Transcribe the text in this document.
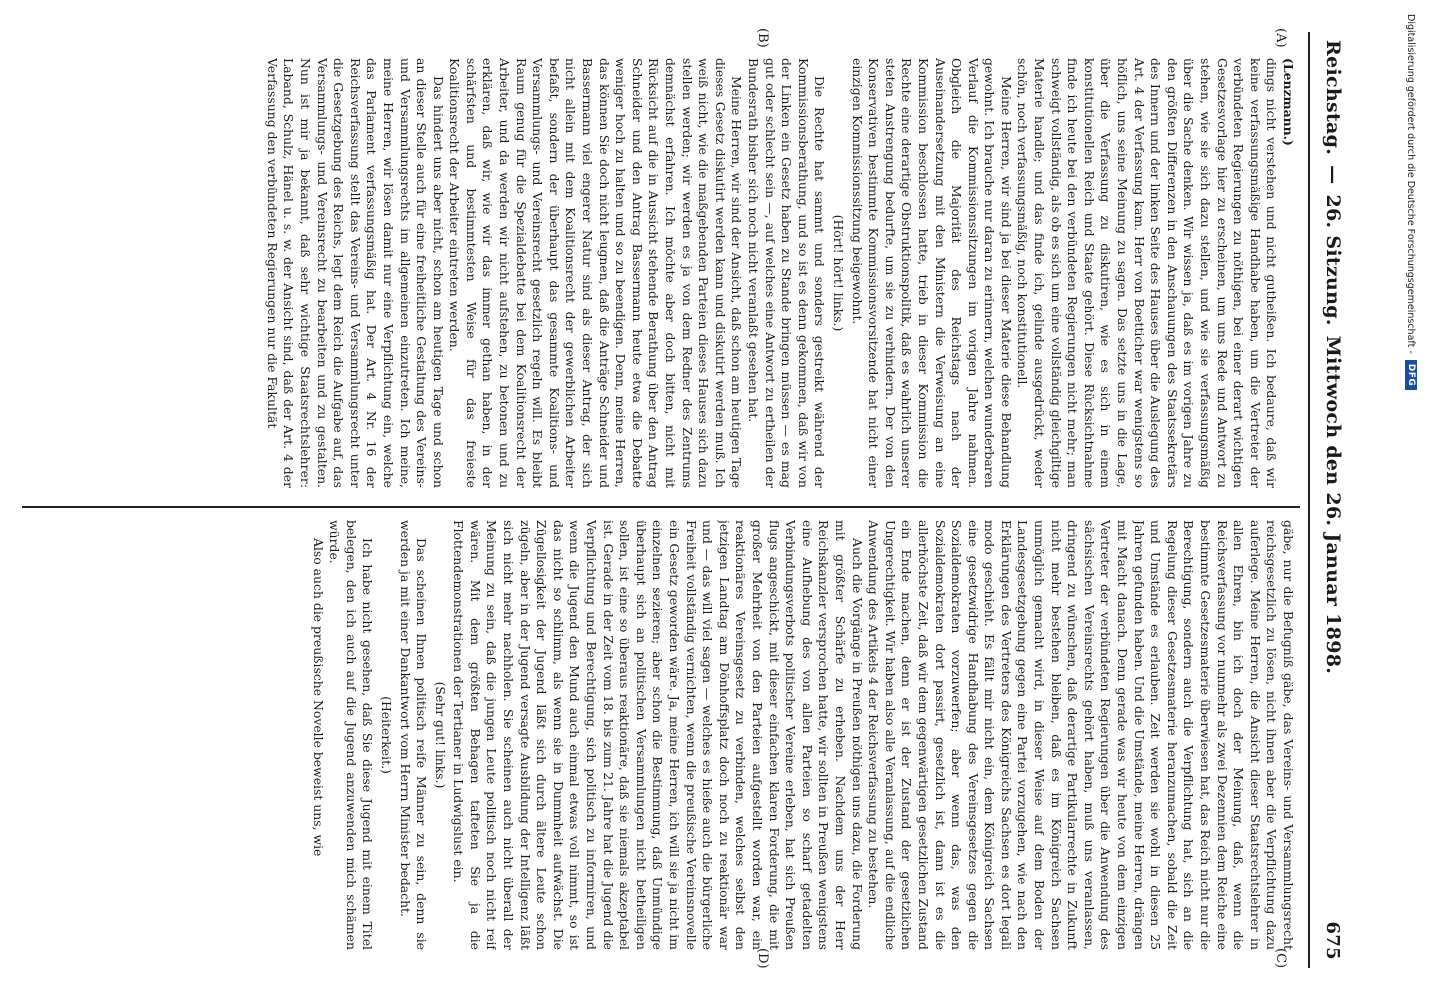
Reichstag.
—
26. Sitzung.
Mittwoch den 26. Januar 1898.
675
(A)
(B)
(C)
(D)

(Lenzmann.)

dings nicht verstehen und nicht gutheißen. Ich bedaure, daß wir keine verfassungsmäßige Handhabe haben, um die Vertreter der verbündeten Regierungen zu nöthigen, bei einer derart wichtigen Gesetzesvorlage hier zu erscheinen, um uns Rede und Antwort zu stehen, wie sie sich dazu stellen, und wie sie verfassungsmäßig über die Sache denken. Wir wissen ja, daß es im vorigen Jahre zu den größten Differenzen in den Anschauungen des Staatssekretärs des Innern und der linken Seite des Hauses über die Auslegung des Art. 4 der Verfassung kam. Herr von Boetticher war wenigstens so höflich, uns seine Meinung zu sagen. Das setzte uns in die Lage, über die Verfassung zu diskutiren, wie es sich in einem konstitutionellen Reich und Staate gehört. Diese Rücksichtnahme finde ich heute bei den verbündeten Regierungen nicht mehr; man schweigt vollständig, als ob es sich um eine vollständig gleichgiltige Materie handle; und das finde ich, gelinde ausgedrückt, weder schön, noch verfassungsmäßig, noch konstitutionell.

Meine Herren, wir sind ja bei dieser Materie diese Behandlung gewohnt. Ich brauche nur daran zu erinnern, welchen wunderbaren Verlauf die Kommissionssitzungen im vorigen Jahre nahmen. Obgleich die Majorität des Reichstags nach der Auseinandersetzung mit den Ministern die Verweisung an eine Kommission beschlossen hatte, trieb in dieser Kommission die Rechte eine derartige Obstruktionspolitik, daß es wahrlich unserer steten Anstrengung bedurfte, um sie zu verhindern. Der von den Konservativen bestimmte Kommissionsvorsitzende hat nicht einer einzigen Kommissionssitzung beigewohnt.

(Hört! hört! links.)

Die Rechte hat sammt und sonders gestreikt während der Kommissionsberathung, und so ist es denn gekommen, daß wir von der Linken ein Gesetz haben zu Stande bringen müssen — es mag gut oder schlecht sein —, auf welches eine Antwort zu ertheilen der Bundesrath bisher sich noch nicht veranlaßt gesehen hat.

Meine Herren, wir sind der Ansicht, daß schon am heutigen Tage dieses Gesetz diskutirt werden kann und diskutirt werden muß. Ich weiß nicht, wie die maßgebenden Parteien dieses Hauses sich dazu stellen werden; wir werden es ja von dem Redner des Zentrums demnächst erfahren. Ich möchte aber doch bitten, nicht mit Rücksicht auf die in Aussicht stehende Berathung über den Antrag Schneider und den Antrag Bassermann heute etwa die Debatte weniger hoch zu halten und so zu beendigen. Denn, meine Herren, das können Sie doch nicht leugnen, daß die Anträge Schneider und Bassermann viel engerer Natur sind als dieser Antrag, der sich nicht allein mit dem Koalitionsrecht der gewerblichen Arbeiter befaßt, sondern der überhaupt das gesammte Koalitions- und Versammlungs- und Vereinsrecht gesetzlich regeln will. Es bleibt Raum genug für die Spezialdebatte bei dem Koalitionsrecht der Arbeiter, und da werden wir nicht aufstehen, zu betonen und zu erklären, daß wir, wie wir das immer gethan haben, in der schärfsten und bestimmtesten Weise für das freieste Koalitionsrecht der Arbeiter eintreten werden.

Das hindert uns aber nicht, schon am heutigen Tage und schon an dieser Stelle auch für eine freiheitliche Gestaltung des Vereins- und Versammlungsrechts im allgemeinen einzutreten. Ich meine, meine Herren, wir lösen damit nur eine Verpflichtung ein, welche das Parlament verfassungsmäßig hat. Der Art. 4 Nr. 16 der Reichsverfassung stellt das Vereins- und Versammlungsrecht unter die Gesetzgebung des Reichs, legt dem Reich die Aufgabe auf, das Versammlungs- und Vereinsrecht zu bearbeiten und zu gestalten. Nun ist mir ja bekannt, daß sehr wichtige Staatsrechtslehrer: Laband, Schulz, Hänel u. s. w. der Ansicht sind, daß der Art. 4 der Verfassung den verbündeten Regierungen nur die Fakultät

gäbe, nur die Befugniß gäbe, das Vereins- und Versammlungsrecht reichsgesetzlich zu lösen, nicht ihnen aber die Verpflichtung dazu auferlege. Meine Herren, die Ansicht dieser Staatsrechtslehrer in allen Ehren, bin ich doch der Meinung, daß, wenn die Reichsverfassung vor nunmehr als zwei Dezennien dem Reiche eine bestimmte Gesetzesmaterie überwiesen hat, das Reich nicht nur die Berechtigung, sondern auch die Verpflichtung hat, sich an die Regelung dieser Gesetzesmaterie heranzumachen, sobald die Zeit und Umstände es erlauben. Zeit werden sie wohl in diesen 25 Jahren gefunden haben. Und die Umstände, meine Herren, drängen mit Macht danach. Denn gerade was wir heute von dem einzigen Vertreter der verbündeten Regierungen über die Anwendung des sächsischen Vereinsrechts gehört haben, muß uns veranlassen, dringend zu wünschen, daß derartige Partikularrechte in Zukunft nicht mehr bestehen bleiben, daß es im Königreich Sachsen unmöglich gemacht wird, in dieser Weise auf dem Boden der Landesgesetzgebung gegen eine Partei vorzugehen, wie nach den Erklärungen des Vertreters des Königreichs Sachsen es dort legali modo geschieht. Es fällt mir nicht ein, dem Königreich Sachsen eine gesetzwidrige Handhabung des Vereinsgesetzes gegen die Sozialdemokraten vorzuwerfen; aber wenn das, was den Sozialdemokraten dort passirt, gesetzlich ist, dann ist es die allerhöchste Zeit, daß wir dem gegenwärtigen gesetzlichen Zustand ein Ende machen, denn er ist der Zustand der gesetzlichen Ungerechtigkeit. Wir haben also alle Veranlassung, auf die endliche Anwendung des Artikels 4 der Reichsverfassung zu bestehen.

Auch die Vorgänge in Preußen nöthigen uns dazu, die Forderung mit größter Schärfe zu erheben. Nachdem uns der Herr Reichskanzler versprochen hatte, wir sollten in Preußen wenigstens eine Aufhebung des von allen Parteien so scharf getadelten Verbindungsverbots politischer Vereine erleben, hat sich Preußen flugs angeschickt, mit dieser einfachen klaren Forderung, die mit großer Mehrheit von den Parteien aufgestellt worden war, ein reaktionäres Vereinsgesetz zu verbinden, welches selbst den jetzigen Landtag am Dönhoffsplatz doch noch zu reaktionär war und — das will viel sagen — welches es hieße auch die bürgerliche Freiheit vollständig vernichten, wenn die preußische Vereinsnovelle ein Gesetz geworden wäre. Ja, meine Herren, ich will sie ja nicht im einzelnen sezieren; aber schon die Bestimmung, daß Unmündige überhaupt sich an politischen Versammlungen nicht betheiligen sollen, ist eine so überaus reaktionäre, daß sie niemals akzeptabel ist. Gerade in der Zeit vom 18. bis zum 21. Jahre hat die Jugend die Verpflichtung und Berechtigung, sich politisch zu informiren, und wenn die Jugend den Mund auch einmal etwas voll nimmt, so ist das nicht so schlimm, als wenn sie in Dummheit aufwächst. Die Zügellosigkeit der Jugend läßt sich durch ältere Leute schon zügeln, aber in der Jugend versagte Ausbildung der Intelligenz läßt sich nicht mehr nachholen. Sie scheinen auch nicht überall der Meinung zu sein, daß die jungen Leute politisch noch nicht reif wären. Mit dem größten Behagen tafteten Sie ja die Flottendemonstrationen der Tertianer in Ludwigslust ein.

(Sehr gut! links.)

Das scheinen Ihnen politisch reife Männer zu sein, denn sie werden ja mit einer Dankantwort vom Herrn Minister bedacht.

(Heiterkeit.)

Ich habe nicht gesehen, daß Sie diese Jugend mit einem Titel belegen, den ich auch auf die Jugend anzuwenden mich schämen würde.

Also auch die preußische Novelle beweist uns, wie

Digitalisierung gefördert durch die Deutsche Forschungsgemeinschaft -
DFG
